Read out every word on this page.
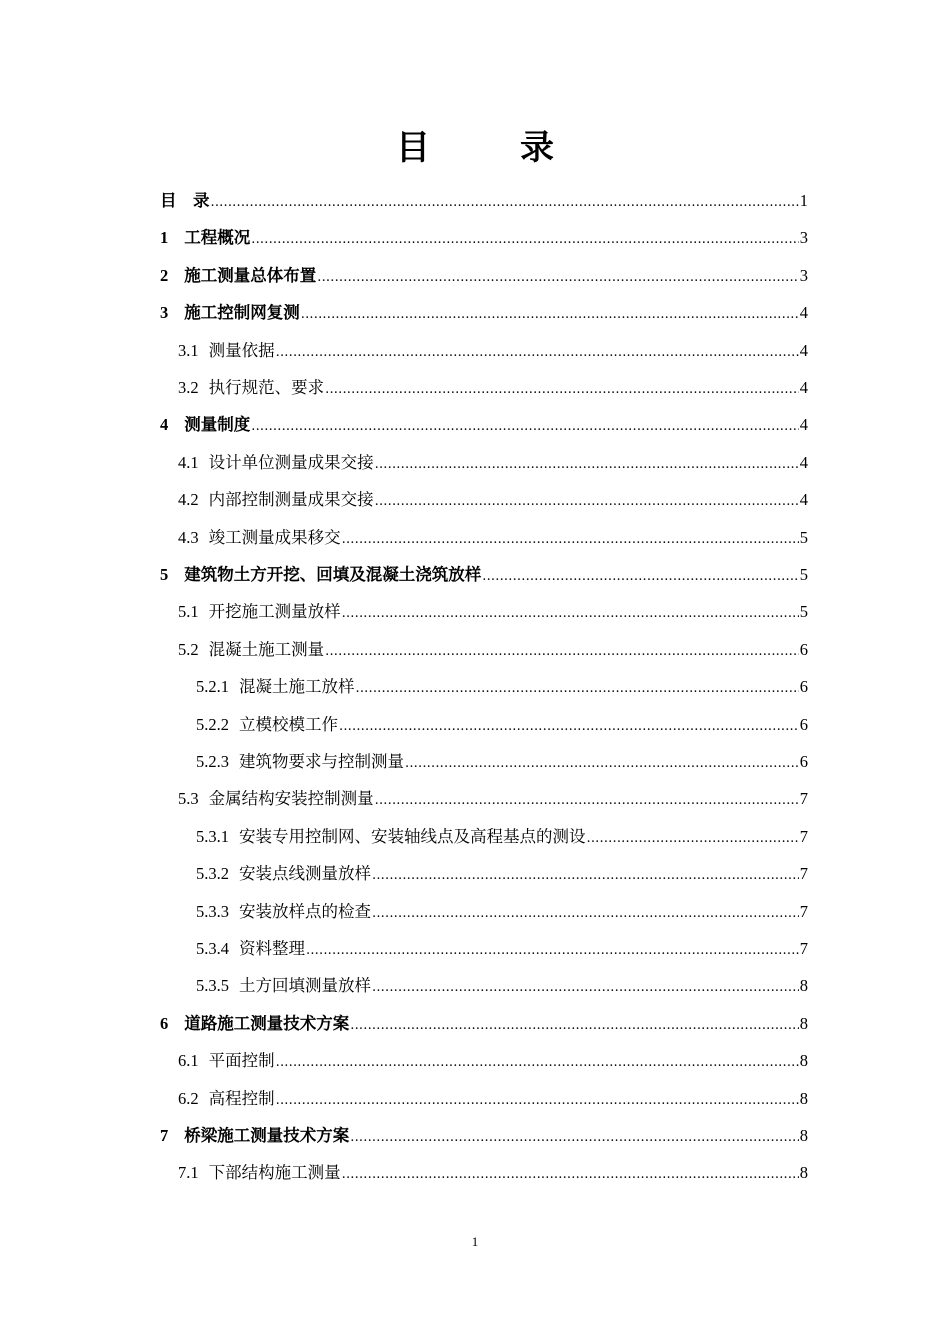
目　录
目　录 .....	1
1 工程概况 .....	3
2 施工测量总体布置 .....	3
3 施工控制网复测 .....	4
3.1 测量依据 .....	4
3.2 执行规范、要求 .....	4
4 测量制度 .....	4
4.1 设计单位测量成果交接 .....	4
4.2 内部控制测量成果交接 .....	4
4.3 竣工测量成果移交 .....	5
5 建筑物土方开挖、回填及混凝土浇筑放样 .....	5
5.1 开挖施工测量放样 .....	5
5.2 混凝土施工测量 .....	6
5.2.1 混凝土施工放样 .....	6
5.2.2 立模校模工作 .....	6
5.2.3 建筑物要求与控制测量 .....	6
5.3 金属结构安装控制测量 .....	7
5.3.1 安装专用控制网、安装轴线点及高程基点的测设 .....	7
5.3.2 安装点线测量放样 .....	7
5.3.3 安装放样点的检查 .....	7
5.3.4 资料整理 .....	7
5.3.5 土方回填测量放样 .....	8
6 道路施工测量技术方案 .....	8
6.1 平面控制 .....	8
6.2 高程控制 .....	8
7 桥梁施工测量技术方案 .....	8
7.1 下部结构施工测量 .....	8
1
